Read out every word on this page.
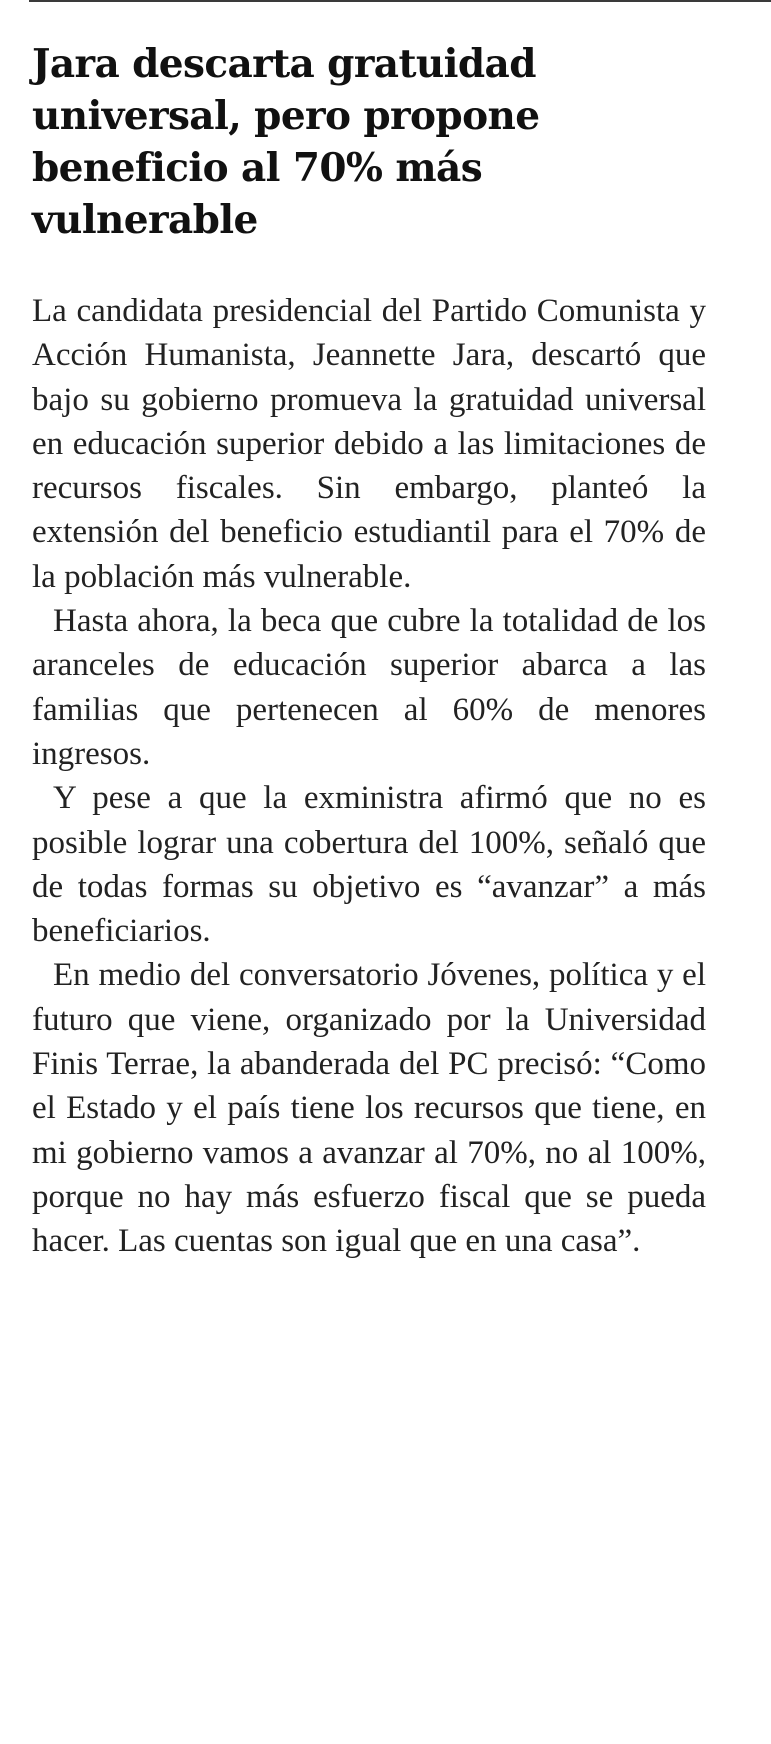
Jara descarta gratuidad universal, pero propone beneficio al 70% más vulnerable

La candidata presidencial del Partido Comunista y Acción Humanista, Jeannette Jara, descartó que bajo su gobierno promueva la gratuidad universal en educación superior debido a las limitaciones de recursos fiscales. Sin embargo, planteó la extensión del beneficio estudiantil para el 70% de la población más vulnerable.

Hasta ahora, la beca que cubre la totalidad de los aranceles de educación superior abarca a las familias que pertenecen al 60% de menores ingresos.

Y pese a que la exministra afirmó que no es posible lograr una cobertura del 100%, señaló que de todas formas su objetivo es “avanzar” a más beneficiarios.

En medio del conversatorio Jóvenes, política y el futuro que viene, organizado por la Universidad Finis Terrae, la abanderada del PC precisó: “Como el Estado y el país tiene los recursos que tiene, en mi gobierno vamos a avanzar al 70%, no al 100%, porque no hay más esfuerzo fiscal que se pueda hacer. Las cuentas son igual que en una casa”.
